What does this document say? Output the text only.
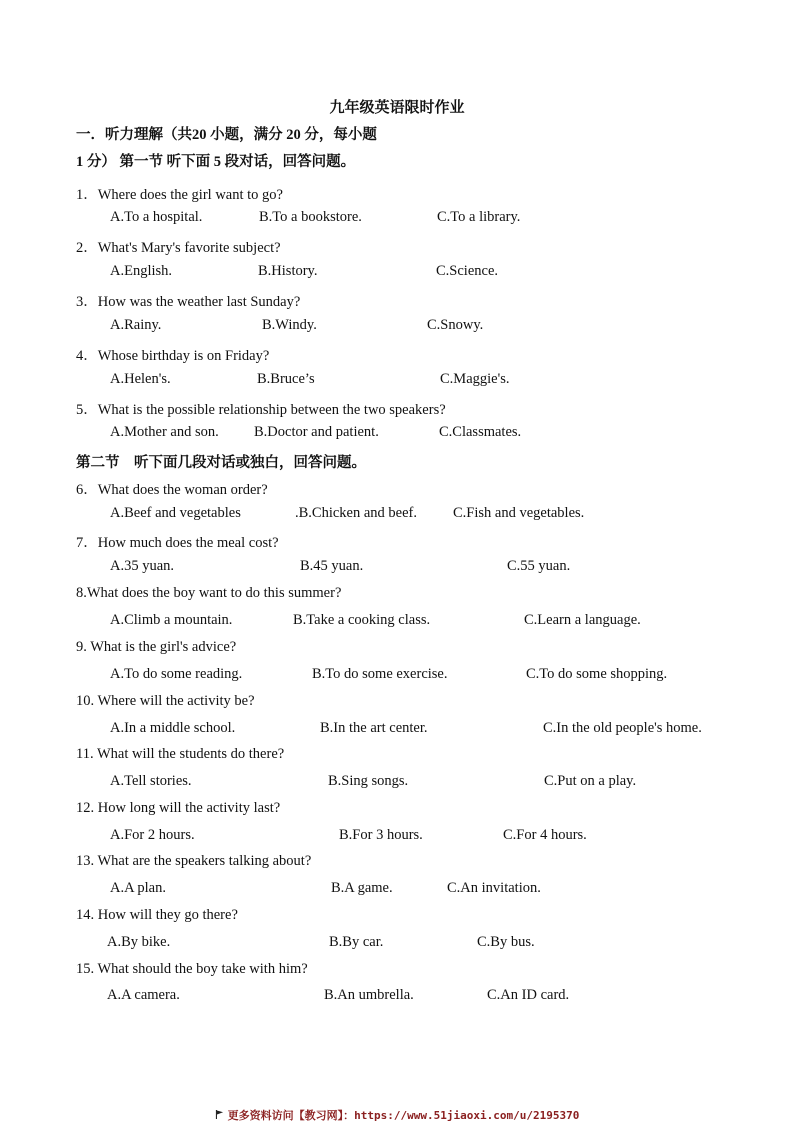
九年级英语限时作业
一．听力理解（共20 小题，满分 20 分，每小题
1 分） 第一节 听下面 5 段对话，回答问题。
1．Where does the girl want to go?
A.To a hospital.	B.To a bookstore.	C.To a library.
2．What's Mary's favorite subject?
A.English.	B.History.	C.Science.
3．How was the weather last Sunday?
A.Rainy.	B.Windy.	C.Snowy.
4．Whose birthday is on Friday?
A.Helen's.	B.Bruce’s	C.Maggie's.
5．What is the possible relationship between the two speakers?
A.Mother and son. B.Doctor and patient.	C.Classmates.
第二节　听下面几段对话或独白，回答问题。
6．What does the woman order?
A.Beef and vegetables	.B.Chicken and beef. C.Fish and vegetables.
7．How much does the meal cost?
A.35 yuan.	B.45 yuan.	C.55 yuan.
8.What does the boy want to do this summer?
A.Climb a mountain.	B.Take a cooking class.	C.Learn a language.
9. What is the girl's advice?
A.To do some reading.	B.To do some exercise.	C.To do some shopping.
10. Where will the activity be?
A.In a middle school.	B.In the art center.	C.In the old people's home.
11. What will the students do there?
A.Tell stories.	B.Sing songs.	C.Put on a play.
12. How long will the activity last?
A.For 2 hours.	B.For 3 hours.	C.For 4 hours.
13. What are the speakers talking about?
A.A plan.	B.A game.	C.An invitation.
14. How will they go there?
A.By bike.	B.By car.	C.By bus.
15. What should the boy take with him?
A.A camera.	B.An umbrella.	C.An ID card.
更多资料访问【教习网】：https://www.51jiaoxi.com/u/2195370
